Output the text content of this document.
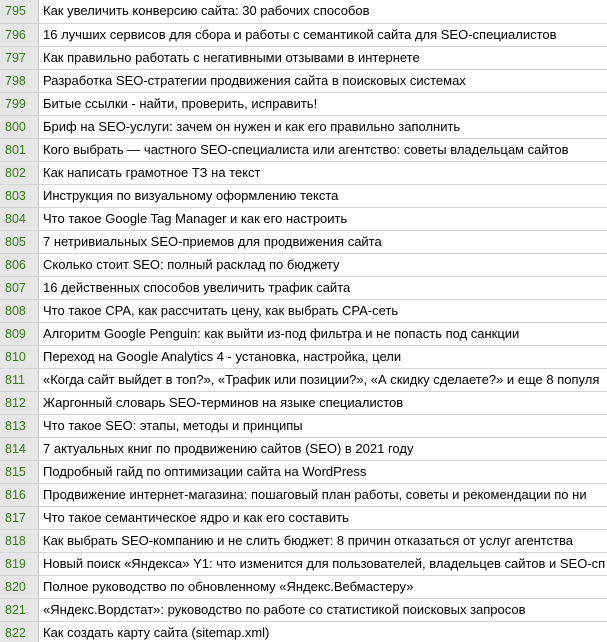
795	Как увеличить конверсию сайта: 30 рабочих способов
796	16 лучших сервисов для сбора и работы с семантикой сайта для SEO-специалистов
797	Как правильно работать с негативными отзывами в интернете
798	Разработка SEO-стратегии продвижения сайта в поисковых системах
799	Битые ссылки - найти, проверить, исправить!
800	Бриф на SEO-услуги: зачем он нужен и как его правильно заполнить
801	Кого выбрать — частного SEO-специалиста или агентство: советы владельцам сайтов
802	Как написать грамотное ТЗ на текст
803	Инструкция по визуальному оформлению текста
804	Что такое Google Tag Manager и как его настроить
805	7 нетривиальных SEO-приемов для продвижения сайта
806	Сколько стоит SEO: полный расклад по бюджету
807	16 действенных способов увеличить трафик сайта
808	Что такое CPA, как рассчитать цену, как выбрать CPA-сеть
809	Алгоритм Google Penguin: как выйти из-под фильтра и не попасть под санкции
810	Переход на Google Analytics 4 - установка, настройка, цели
811	«Когда сайт выйдет в топ?», «Трафик или позиции?», «А скидку сделаете?» и еще 8 популя
812	Жаргонный словарь SEO-терминов на языке специалистов
813	Что такое SEO: этапы, методы и принципы
814	7 актуальных книг по продвижению сайтов (SEO) в 2021 году
815	Подробный гайд по оптимизации сайта на WordPress
816	Продвижение интернет-магазина: пошаговый план работы, советы и рекомендации по ни
817	Что такое семантическое ядро и как его составить
818	Как выбрать SEO-компанию и не слить бюджет: 8 причин отказаться от услуг агентства
819	Новый поиск «Яндекса» Y1: что изменится для пользователей, владельцев сайтов и SEO-сп
820	Полное руководство по обновленному «Яндекс.Вебмастеру»
821	«Яндекс.Вордстат»: руководство по работе со статистикой поисковых запросов
822	Как создать карту сайта (sitemap.xml)
